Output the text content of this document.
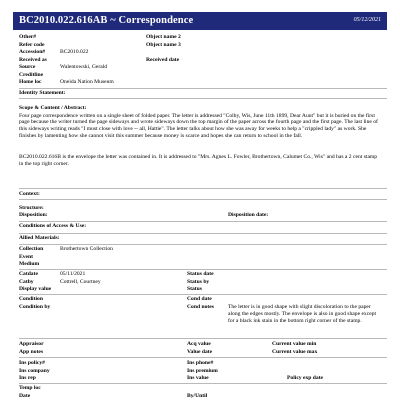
BC2010.022.616AB ~ Correspondence	05/12/2021
Other#
Refer code
Accession#	BC2010.022
Received as
Source	Walentowski, Gerald
Creditline
Home loc	Oneida Nation Museum
Object name 2
Object name 3
Received date
Identity Statement:
Scope & Content / Abstract:

Four page correspondence written on a single sheet of folded paper. The letter is addressed "Colby, Wis, June 11th 1899, Dear Aunt" but it is buried on the first page because the writer turned the page sideways and wrote sideways down the top margin of the paper across the fourth page and the first page. The last line of this sideways writing reads "I must close with love -- all, Hattie". The letter talks about how she was away for weeks to help a "crippled lady" as work. She finishes by lamenting how she cannot visit this summer because money is scarce and hopes she can return to school in the fall.

BC2010.022.616B is the envelope the letter was contained in. It is addressed to "Mrs. Agnes L. Fowler, Brothertown, Calumet Co., Wis" and has a 2 cent stamp in the top right corner.

Context:
Structure:
Disposition:	Disposition date:
Conditions of Access & Use:
Allied Materials:
Collection	Brothertown Collection
Event
Medium
Catdate	05/11/2021
Catby	Cottrell, Courtney
Display value
Status date
Status by
Status
Condition
Condition by
Cond date
Cond notes	The letter is in good shape with slight discoloration to the paper along the edges mostly. The envelope is also in good shape except for a black ink stain in the bottom right corner of the stamp.

Appraisor
App notes
Acq value
Value date
Current value min
Current value max
Ins policy#
Ins company
Ins rep
Ins phone#
Ins premium
Ins value	Policy exp date
Temp loc
Date	By/Until
